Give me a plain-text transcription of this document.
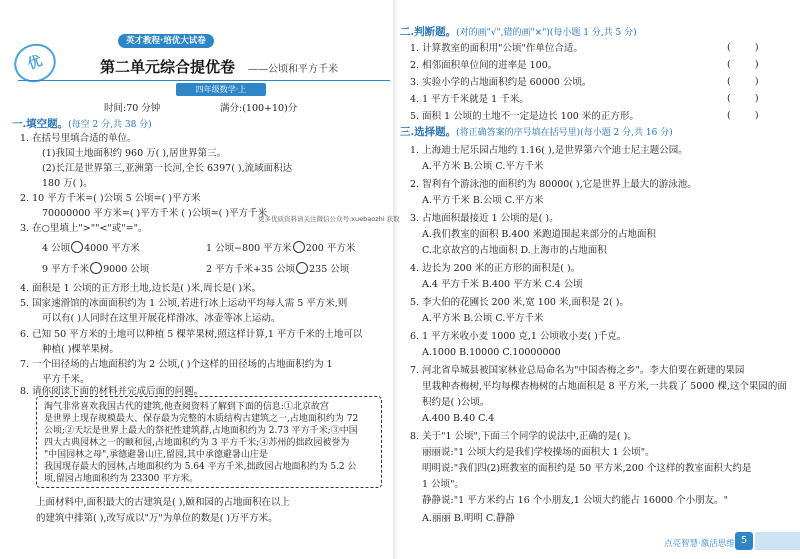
优
英才教程·培优大试卷
第二单元综合提优卷 ——公顷和平方千米
四年级数学·上
时间:70 分钟	满分:(100+10)分
一.填空题。(每空 2 分,共 38 分)
1. 在括号里填合适的单位。
(1)我国土地面积约 960 万( ),居世界第三。
(2)长江是世界第三,亚洲第一长河,全长 6397( ),流域面积达
180 万( )。
2. 10 平方千米=( )公顷 5 公顷=( )平方米
70000000 平方米=( )平方千米 ( )公顷=( )平方千米
更多优质资料请关注微信公众号:xuebaozhi 获取
3. 在○里填上">""<"或"="。
4 公顷 4000 平方米	1 公顷−800 平方米 200 平方米
9 平方千米 9000 公顷	2 平方千米+35 公顷 235 公顷
4. 面积是 1 公顷的正方形土地,边长是( )米,周长是( )米。
5. 国家速滑馆的冰面面积约为 1 公顷,若进行冰上运动平均每人需 5 平方米,则
可以有( )人同时在这里开展花样滑冰、冰壶等冰上运动。
6. 已知 50 平方米的土地可以种植 5 棵苹果树,照这样计算,1 平方千米的土地可以
种植( )棵苹果树。
7. 一个田径场的占地面积约为 2 公顷,( )个这样的田径场的占地面积约为 1
平方千米。
8. 请你阅读下面的材料并完成后面的问题。
淘气非常喜欢我国古代的建筑,他查阅资料了解到下面的信息:①北京故宫
是世界上现存规模最大、保存最为完整的木质结构古建筑之一,占地面积约为 72
公顷;②天坛是世界上最大的祭祀性建筑群,占地面积约为 2.73 平方千米;③中国
四大古典园林之一的颐和园,占地面积约为 3 平方千米;④苏州的拙政园被誉为
"中国园林之母",承德避暑山庄,留园,其中承德避暑山庄是
我国现存最大的园林,占地面积约为 5.64 平方千米,拙政园占地面积约为 5.2 公
顷,留园占地面积约为 23300 平方米。
上面材料中,面积最大的古建筑是( ),颐和园的占地面积在以上
的建筑中排第( ),改写成以"万"为单位的数是( )万平方米。
二.判断题。(对的画"√",错的画"×")(每小题 1 分,共 5 分)
1. 计算教室的面积用"公顷"作单位合适。	(        )
2. 相邻面积单位间的进率是 100。	(        )
3. 实验小学的占地面积约是 60000 公顷。	(        )
4. 1 平方千米就是 1 千米。	(        )
5. 面积 1 公顷的土地不一定是边长 100 米的正方形。	(        )
三.选择题。(将正确答案的序号填在括号里)(每小题 2 分,共 16 分)
1. 上海迪士尼乐园占地约 1.16( ),是世界第六个迪士尼主题公园。
A.平方米 B.公顷 C.平方千米
2. 智利有个游泳池的面积约为 80000( ),它是世界上最大的游泳池。
A.平方千米 B.公顷 C.平方米
3. 占地面积最接近 1 公顷的是( )。
A.我们教室的面积 B.400 米跑道围起来部分的占地面积
C.北京故宫的占地面积 D.上海市的占地面积
4. 边长为 200 米的正方形的面积是( )。
A.4 平方千米 B.400 平方米 C.4 公顷
5. 李大伯的花圃长 200 米,宽 100 米,面积是 2( )。
A.平方米 B.公顷 C.平方千米
6. 1 平方米收小麦 1000 克,1 公顷收小麦( )千克。
A.1000 B.10000 C.10000000
7. 河北省阜城县被国家林业总局命名为"中国杏梅之乡"。李大伯要在新建的果园
里栽种杏梅树,平均每棵杏梅树的占地面积是 8 平方米,一共栽了 5000 棵,这个果园的面
积约是( )公顷。
A.400 B.40 C.4
8. 关于"1 公顷",下面三个同学的说法中,正确的是( )。
丽丽说:"1 公顷大约是我们学校操场的面积大 1 公顷"。
明明说:"我们四(2)班教室的面积约是 50 平方米,200 个这样的教室面积大约是
1 公顷"。
静静说:"1 平方米约占 16 个小朋友,1 公顷大约能占 16000 个小朋友。"
A.丽丽 B.明明 C.静静
点亮智慧·激活思维 5
